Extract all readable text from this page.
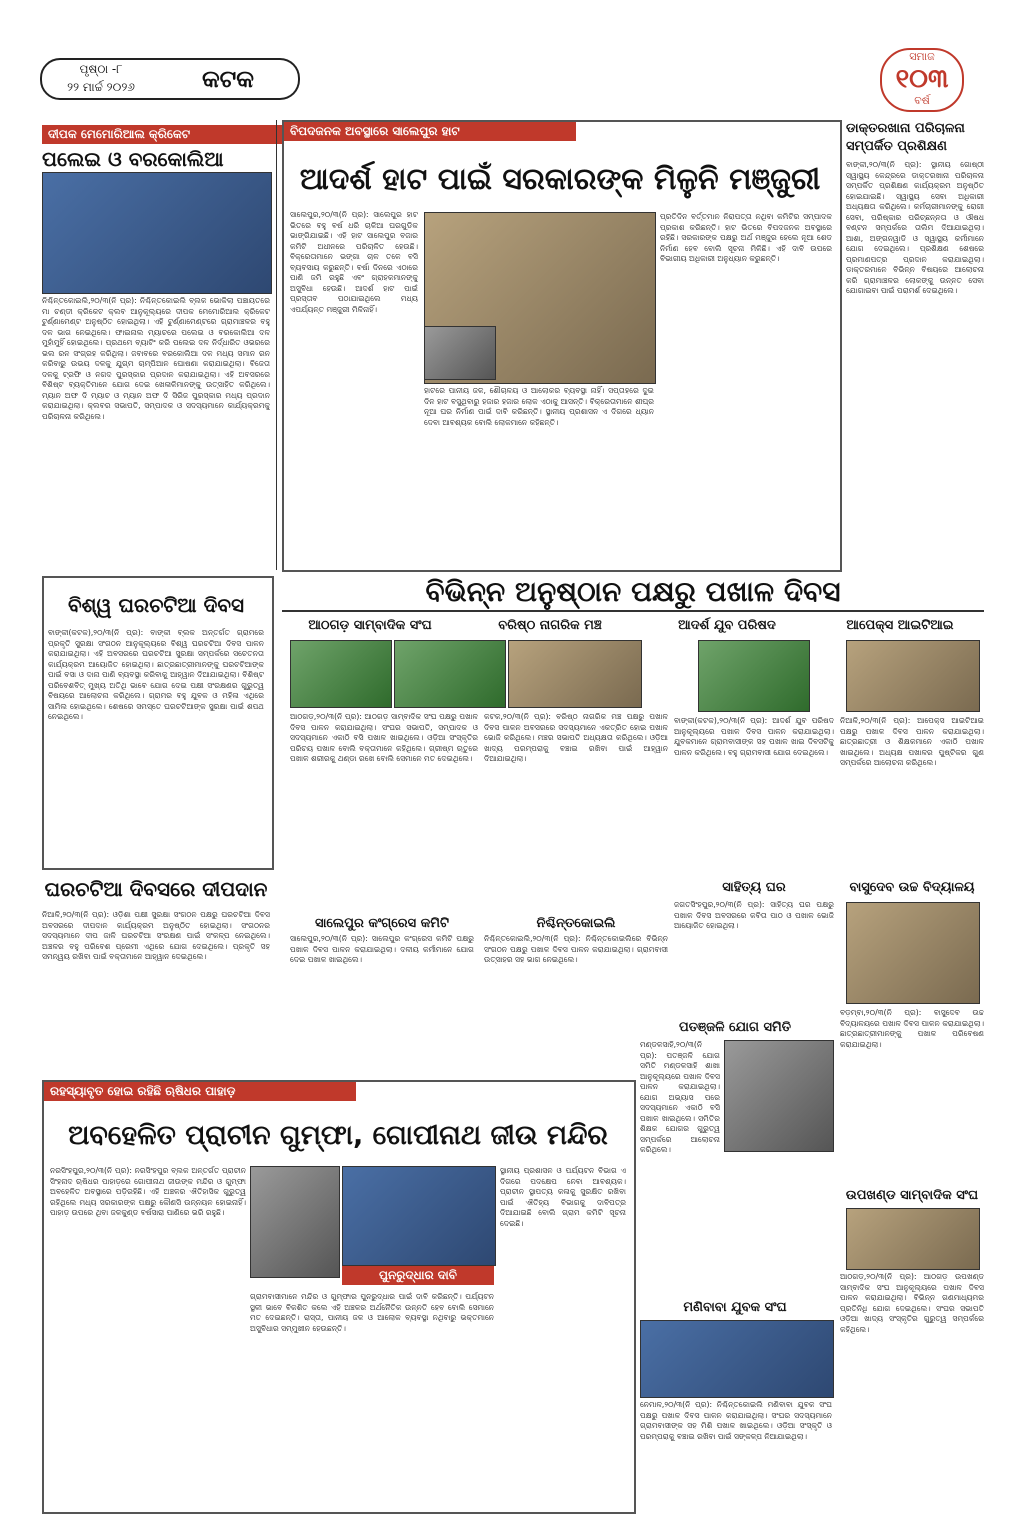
ପୃଷ୍ଠା -୮
୨୨ ମାର୍ଚ୍ଚ ୨୦୨୬	କଟକ
ସମାଜ
୧୦୩
ବର୍ଷ
ଦୀପକ ମେମୋରିଆଲ କ୍ରିକେଟ
ପଲେଇ ଓ ବରକୋଲିଆ
ନିଶ୍ଚିନ୍ତକୋଇଲି,୨୦/୩(ନି ପ୍ର): ନିଶ୍ଚିନ୍ତକୋଇଲି ବ୍ଲକ ଭୋକିଲା ପଞ୍ଚାୟତରେ ମା ଚଣ୍ଡୀ କ୍ରିକେଟ କ୍ଲବ ଆନୁକୂଲ୍ୟରେ ଦୀପକ ମେମୋରିଆଲ କ୍ରିକେଟ ଟୁର୍ଣ୍ଣାମେଣ୍ଟ ଅନୁଷ୍ଠିତ ହୋଇଥିଲା। ଏହି ଟୁର୍ଣ୍ଣାମେଣ୍ଟରେ ଗ୍ରାମାଞ୍ଚଳର ବହୁ ଦଳ ଭାଗ ନେଇଥିଲେ। ଫାଇନାଲ ମ୍ୟାଚରେ ପଲେଇ ଓ ବରକୋଲିଆ ଦଳ ମୁହାଁମୁହିଁ ହୋଇଥିଲେ। ପ୍ରଥମେ ବ୍ୟାଟିଂ କରି ପଲେଇ ଦଳ ନିର୍ଦ୍ଧାରିତ ଓଭରରେ ଭଲ ରନ ସଂଗ୍ରହ କରିଥିଲା। ଜବାବରେ ବରକୋଲିଆ ଦଳ ମଧ୍ୟ ସମାନ ରନ କରିବାରୁ ଉଭୟ ଦଳକୁ ଯୁଗ୍ମ ଚାମ୍ପିଆନ ଘୋଷଣା କରାଯାଇଥିଲା। ବିଜେତା ଦଳକୁ ଟ୍ରଫି ଓ ନଗଦ ପୁରସ୍କାର ପ୍ରଦାନ କରାଯାଇଥିଲା। ଏହି ଅବସରରେ ବିଶିଷ୍ଟ ବ୍ୟକ୍ତିମାନେ ଯୋଗ ଦେଇ ଖେଳାଳିମାନଙ୍କୁ ଉତ୍ସାହିତ କରିଥିଲେ। ମ୍ୟାନ ଅଫ ଦି ମ୍ୟାଚ ଓ ମ୍ୟାନ ଅଫ ଦି ସିରିଜ ପୁରସ୍କାର ମଧ୍ୟ ପ୍ରଦାନ କରାଯାଇଥିଲା। କ୍ଲବର ସଭାପତି, ସମ୍ପାଦକ ଓ ସଦସ୍ୟମାନେ କାର୍ଯ୍ୟକ୍ରମକୁ ପରିଚାଳନା କରିଥିଲେ।
ବିପଦଜନକ ଅବସ୍ଥାରେ ସାଲେପୁର ହାଟ
ଆଦର୍ଶ ହାଟ ପାଇଁ ସରକାରଙ୍କ ମିଳୁନି ମଞ୍ଜୁରୀ
ସାଲେପୁର,୨୦/୩(ନି ପ୍ର): ସାଲେପୁର ହାଟ ଭିତରେ ବହୁ ବର୍ଷ ଧରି ଚାଳିଆ ଘରଗୁଡିକ ଭାଙ୍ଗିଯାଇଛି। ଏହି ହାଟ ସାଲେପୁର ବଜାର କମିଟି ଅଧୀନରେ ପରିଚାଳିତ ହେଉଛି। ବିକ୍ରେତାମାନେ ଭଙ୍ଗା ଚାଳ ତଳେ ବସି ବ୍ୟବସାୟ କରୁଛନ୍ତି। ବର୍ଷା ଦିନରେ ଏଠାରେ ପାଣି ଜମି ରହୁଛି ଏବଂ ଗ୍ରାହକମାନଙ୍କୁ ଅସୁବିଧା ହେଉଛି। ଆଦର୍ଶ ହାଟ ପାଇଁ ପ୍ରସ୍ତାବ ପଠାଯାଇଥିଲେ ମଧ୍ୟ ଏପର୍ଯ୍ୟନ୍ତ ମଞ୍ଜୁରୀ ମିଳିନାହିଁ।
ହାଟରେ ପାନୀୟ ଜଳ, ଶୌଚାଳୟ ଓ ଆଲୋକର ବ୍ୟବସ୍ଥା ନାହିଁ। ସପ୍ତାହରେ ଦୁଇ ଦିନ ହାଟ ବସୁଥିବାରୁ ହଜାର ହଜାର ଲୋକ ଏଠାକୁ ଆସନ୍ତି। ବିକ୍ରେତାମାନେ ଶୀଘ୍ର ନୂଆ ଘର ନିର୍ମାଣ ପାଇଁ ଦାବି କରିଛନ୍ତି। ସ୍ଥାନୀୟ ପ୍ରଶାସନ ଏ ଦିଗରେ ଧ୍ୟାନ ଦେବା ଆବଶ୍ୟକ ବୋଲି ଲୋକମାନେ କହିଛନ୍ତି।
ପ୍ରତିଦିନ ବର୍ତ୍ତମାନ ନିରାପତ୍ତା ନଥିବା କମିଟିର ସମ୍ପାଦକ ପ୍ରକାଶ କରିଛନ୍ତି। ହାଟ ଭିତରେ ବିପଦଜନକ ଅବସ୍ଥାରେ ରହିଛି। ସରକାରଙ୍କ ପକ୍ଷରୁ ଅର୍ଥ ମଞ୍ଜୁର ହେଲେ ନୂଆ ଶେଡ ନିର୍ମାଣ ହେବ ବୋଲି ସୂଚନା ମିଳିଛି। ଏହି ଦାବି ଉପରେ ବିଭାଗୀୟ ଅଧିକାରୀ ଅନୁଧ୍ୟାନ କରୁଛନ୍ତି।
ଡାକ୍ତରଖାନା ପରିଚାଳନା ସମ୍ପର୍କିତ ପ୍ରଶିକ୍ଷଣ
ବାଙ୍କୀ,୨୦/୩(ନି ପ୍ର): ସ୍ଥାନୀୟ ଗୋଷ୍ଠୀ ସ୍ୱାସ୍ଥ୍ୟ କେନ୍ଦ୍ରରେ ଡାକ୍ତରଖାନା ପରିଚାଳନା ସମ୍ପର୍କିତ ପ୍ରଶିକ୍ଷଣ କାର୍ଯ୍ୟକ୍ରମ ଅନୁଷ୍ଠିତ ହୋଇଯାଇଛି। ସ୍ୱାସ୍ଥ୍ୟ ସେବା ଅଧିକାରୀ ଅଧ୍ୟକ୍ଷତା କରିଥିଲେ। କର୍ମଚାରୀମାନଙ୍କୁ ରୋଗୀ ସେବା, ପରିଷ୍କାର ପରିଚ୍ଛନ୍ନତା ଓ ଔଷଧ ବଣ୍ଟନ ସମ୍ପର୍କରେ ତାଲିମ ଦିଆଯାଇଥିଲା। ଆଶା, ଅଙ୍ଗନୱାଡି ଓ ସ୍ୱାସ୍ଥ୍ୟ କର୍ମୀମାନେ ଯୋଗ ଦେଇଥିଲେ। ପ୍ରଶିକ୍ଷଣ ଶେଷରେ ପ୍ରମାଣପତ୍ର ପ୍ରଦାନ କରାଯାଇଥିଲା। ଡାକ୍ତରମାନେ ବିଭିନ୍ନ ବିଷୟରେ ଆଲୋଚନା କରି ଗ୍ରାମାଞ୍ଚଳର ଲୋକଙ୍କୁ ଉନ୍ନତ ସେବା ଯୋଗାଇବା ପାଇଁ ପରାମର୍ଶ ଦେଇଥିଲେ।
ବିଶ୍ୱ ଘରଚଟିଆ ଦିବସ
ବାଙ୍କୀ(କଟକ),୨୦/୩(ନି ପ୍ର): ବାଙ୍କୀ ବ୍ଲକ ଅନ୍ତର୍ଗତ ଗ୍ରାମରେ ପ୍ରକୃତି ସୁରକ୍ଷା ସଂଗଠନ ଆନୁକୂଲ୍ୟରେ ବିଶ୍ୱ ଘରଚଟିଆ ଦିବସ ପାଳନ କରାଯାଇଥିଲା। ଏହି ଅବସରରେ ଘରଚଟିଆ ସୁରକ୍ଷା ସମ୍ପର୍କରେ ସଚେତନତା କାର୍ଯ୍ୟକ୍ରମ ଆୟୋଜିତ ହୋଇଥିଲା। ଛାତ୍ରଛାତ୍ରୀମାନଙ୍କୁ ଘରଚଟିଆଙ୍କ ପାଇଁ ବସା ଓ ଦାନା ପାଣି ବ୍ୟବସ୍ଥା କରିବାକୁ ଆହ୍ୱାନ ଦିଆଯାଇଥିଲା। ବିଶିଷ୍ଟ ପରିବେଶବିତ୍ ମୁଖ୍ୟ ଅତିଥି ଭାବେ ଯୋଗ ଦେଇ ପକ୍ଷୀ ସଂରକ୍ଷଣର ଗୁରୁତ୍ୱ ବିଷୟରେ ଆଲୋଚନା କରିଥିଲେ। ଗ୍ରାମର ବହୁ ଯୁବକ ଓ ମହିଳା ଏଥିରେ ସାମିଲ ହୋଇଥିଲେ। ଶେଷରେ ସମସ୍ତେ ଘରଚଟିଆଙ୍କ ସୁରକ୍ଷା ପାଇଁ ଶପଥ ନେଇଥିଲେ।
ବିଭିନ୍ନ ଅନୁଷ୍ଠାନ ପକ୍ଷରୁ ପଖାଳ ଦିବସ
ଆଠଗଡ଼ ସାମ୍ବାଦିକ ସଂଘ	ବରିଷ୍ଠ ନାଗରିକ ମଞ୍ଚ	ଆଦର୍ଶ ଯୁବ ପରିଷଦ	ଆପେକ୍ସ ଆଇଟିଆଇ
ଆଠଗଡ଼,୨୦/୩(ନି ପ୍ର): ଆଠଗଡ଼ ସାମ୍ବାଦିକ ସଂଘ ପକ୍ଷରୁ ପଖାଳ ଦିବସ ପାଳନ କରାଯାଇଥିଲା। ସଂଘର ସଭାପତି, ସମ୍ପାଦକ ଓ ସଦସ୍ୟମାନେ ଏକାଠି ବସି ପଖାଳ ଖାଇଥିଲେ। ଓଡ଼ିଆ ସଂସ୍କୃତିର ପରିଚୟ ପଖାଳ ବୋଲି ବକ୍ତାମାନେ କହିଥିଲେ। ଗ୍ରୀଷ୍ମ ଋତୁରେ ପଖାଳ ଶରୀରକୁ ଥଣ୍ଡା ରଖେ ବୋଲି ସେମାନେ ମତ ଦେଇଥିଲେ।
କଟକ,୨୦/୩(ନି ପ୍ର): ବରିଷ୍ଠ ନାଗରିକ ମଞ୍ଚ ପକ୍ଷରୁ ପଖାଳ ଦିବସ ପାଳନ ଅବସରରେ ସଦସ୍ୟମାନେ ଏକତ୍ରିତ ହୋଇ ପଖାଳ ଭୋଜି କରିଥିଲେ। ମଞ୍ଚର ସଭାପତି ଅଧ୍ୟକ୍ଷତା କରିଥିଲେ। ଓଡ଼ିଆ ଖାଦ୍ୟ ପରମ୍ପରାକୁ ବଞ୍ଚାଇ ରଖିବା ପାଇଁ ଆହ୍ୱାନ ଦିଆଯାଇଥିଲା।
ବାଙ୍କୀ(କଟକ),୨୦/୩(ନି ପ୍ର): ଆଦର୍ଶ ଯୁବ ପରିଷଦ ଆନୁକୂଲ୍ୟରେ ପଖାଳ ଦିବସ ପାଳନ କରାଯାଇଥିଲା। ଯୁବକମାନେ ଗ୍ରାମବାସୀଙ୍କ ସହ ପଖାଳ ଖାଇ ଦିବସଟିକୁ ପାଳନ କରିଥିଲେ। ବହୁ ଗ୍ରାମବାସୀ ଯୋଗ ଦେଇଥିଲେ।
ନିଆଳି,୨୦/୩(ନି ପ୍ର): ଆପେକ୍ସ ଆଇଟିଆଇ ପକ୍ଷରୁ ପଖାଳ ଦିବସ ପାଳନ କରାଯାଇଥିଲା। ଛାତ୍ରଛାତ୍ରୀ ଓ ଶିକ୍ଷକମାନେ ଏକାଠି ପଖାଳ ଖାଇଥିଲେ। ଅଧ୍ୟକ୍ଷ ପଖାଳର ପୁଷ୍ଟିକର ଗୁଣ ସମ୍ପର୍କରେ ଆଲୋଚନା କରିଥିଲେ।
ସାଲେପୁର କଂଗ୍ରେସ କମିଟି	ନିଶ୍ଚିନ୍ତକୋଇଲି
ସାଲେପୁର,୨୦/୩(ନି ପ୍ର): ସାଲେପୁର କଂଗ୍ରେସ କମିଟି ପକ୍ଷରୁ ପଖାଳ ଦିବସ ପାଳନ କରାଯାଇଥିଲା। ଦଳୀୟ କର୍ମୀମାନେ ଯୋଗ ଦେଇ ପଖାଳ ଖାଇଥିଲେ।
ନିଶ୍ଚିନ୍ତକୋଇଲି,୨୦/୩(ନି ପ୍ର): ନିଶ୍ଚିନ୍ତକୋଇଲିରେ ବିଭିନ୍ନ ସଂଗଠନ ପକ୍ଷରୁ ପଖାଳ ଦିବସ ପାଳନ କରାଯାଇଥିଲା। ଗ୍ରାମବାସୀ ଉତ୍ସାହର ସହ ଭାଗ ନେଇଥିଲେ।
ସାହିତ୍ୟ ଘର
ଜଗତସିଂହପୁର,୨୦/୩(ନି ପ୍ର): ସାହିତ୍ୟ ଘର ପକ୍ଷରୁ ପଖାଳ ଦିବସ ଅବସରରେ କବିତା ପାଠ ଓ ପଖାଳ ଭୋଜି ଆୟୋଜିତ ହୋଇଥିଲା।
ବାସୁଦେବ ଉଚ୍ଚ ବିଦ୍ୟାଳୟ
ବଡ଼ମ୍ବା,୨୦/୩(ନି ପ୍ର): ବାସୁଦେବ ଉଚ୍ଚ ବିଦ୍ୟାଳୟରେ ପଖାଳ ଦିବସ ପାଳନ କରାଯାଇଥିଲା। ଛାତ୍ରଛାତ୍ରୀମାନଙ୍କୁ ପଖାଳ ପରିବେଷଣ କରାଯାଇଥିଲା।
ଘରଚଟିଆ ଦିବସରେ ଦୀପଦାନ
ନିଆଳି,୨୦/୩(ନି ପ୍ର): ଓଡ଼ିଶା ପକ୍ଷୀ ସୁରକ୍ଷା ସଂଗଠନ ପକ୍ଷରୁ ଘରଚଟିଆ ଦିବସ ଅବସରରେ ଦୀପଦାନ କାର୍ଯ୍ୟକ୍ରମ ଅନୁଷ୍ଠିତ ହୋଇଥିଲା। ସଂଗଠନର ସଦସ୍ୟମାନେ ଦୀପ ଜାଳି ଘରଚଟିଆ ସଂରକ୍ଷଣ ପାଇଁ ସଂକଳ୍ପ ନେଇଥିଲେ। ଅଞ୍ଚଳର ବହୁ ପରିବେଶ ପ୍ରେମୀ ଏଥିରେ ଯୋଗ ଦେଇଥିଲେ। ପ୍ରକୃତି ସହ ସମନ୍ୱୟ ରଖିବା ପାଇଁ ବକ୍ତାମାନେ ଆହ୍ୱାନ ଦେଇଥିଲେ।
ପତଞ୍ଜଳି ଯୋଗ ସମିତି
ମଣ୍ଡଳସାହି,୨୦/୩(ନି ପ୍ର): ପତଞ୍ଜଳି ଯୋଗ ସମିତି ମଣ୍ଡଳସାହି ଶାଖା ଆନୁକୂଲ୍ୟରେ ପଖାଳ ଦିବସ ପାଳନ କରାଯାଇଥିଲା। ଯୋଗ ଅଭ୍ୟାସ ପରେ ସଦସ୍ୟମାନେ ଏକାଠି ବସି ପଖାଳ ଖାଇଥିଲେ। ସମିତିର ଶିକ୍ଷକ ଯୋଗର ଗୁରୁତ୍ୱ ସମ୍ପର୍କରେ ଆଲୋଚନା କରିଥିଲେ।
ମଣିବାବା ଯୁବକ ସଂଘ
ନେମାଳ,୨୦/୩(ନି ପ୍ର): ନିଶ୍ଚିନ୍ତକୋଇଲି ମଣିବାବା ଯୁବକ ସଂଘ ପକ୍ଷରୁ ପଖାଳ ଦିବସ ପାଳନ କରାଯାଇଥିଲା। ସଂଘର ସଦସ୍ୟମାନେ ଗ୍ରାମବାସୀଙ୍କ ସହ ମିଶି ପଖାଳ ଖାଇଥିଲେ। ଓଡ଼ିଆ ସଂସ୍କୃତି ଓ ପରମ୍ପରାକୁ ବଞ୍ଚାଇ ରଖିବା ପାଇଁ ସଙ୍କଳ୍ପ ନିଆଯାଇଥିଲା।
ଉପଖଣ୍ଡ ସାମ୍ବାଦିକ ସଂଘ
ଆଠଗଡ଼,୨୦/୩(ନି ପ୍ର): ଆଠଗଡ଼ ଉପଖଣ୍ଡ ସାମ୍ବାଦିକ ସଂଘ ଆନୁକୂଲ୍ୟରେ ପଖାଳ ଦିବସ ପାଳନ କରାଯାଇଥିଲା। ବିଭିନ୍ନ ଗଣମାଧ୍ୟମର ପ୍ରତିନିଧି ଯୋଗ ଦେଇଥିଲେ। ସଂଘର ସଭାପତି ଓଡ଼ିଆ ଖାଦ୍ୟ ସଂସ୍କୃତିର ଗୁରୁତ୍ୱ ସମ୍ପର୍କରେ କହିଥିଲେ।
ରହସ୍ୟାବୃତ ହୋଇ ରହିଛି ଋଷିଧର ପାହାଡ଼
ଅବହେଳିତ ପ୍ରାଚୀନ ଗୁମ୍ଫା, ଗୋପୀନାଥ ଜୀଉ ମନ୍ଦିର
ନରସିଂହପୁର,୨୦/୩(ନି ପ୍ର): ନରସିଂହପୁର ବ୍ଲକ ଅନ୍ତର୍ଗତ ପ୍ରାଚୀନ ସିଂହନାଦ ଋଷିଧର ପାହାଡ଼ରେ ଗୋପୀନାଥ ଜୀଉଙ୍କ ମନ୍ଦିର ଓ ଗୁମ୍ଫା ଅବହେଳିତ ଅବସ୍ଥାରେ ପଡ଼ିରହିଛି। ଏହି ଅଞ୍ଚଳର ଐତିହାସିକ ଗୁରୁତ୍ୱ ରହିଥିଲେ ମଧ୍ୟ ସରକାରଙ୍କ ପକ୍ଷରୁ କୌଣସି ଉନ୍ନୟନ ହୋଇନାହିଁ। ପାହାଡ଼ ଉପରେ ଥିବା ଜଳକୁଣ୍ଡ ବର୍ଷସାରା ପାଣିରେ ଭରି ରହୁଛି।
ପୁନରୁଦ୍ଧାର ଦାବି
ଗ୍ରାମବାସୀମାନେ ମନ୍ଦିର ଓ ଗୁମ୍ଫାର ପୁନରୁଦ୍ଧାର ପାଇଁ ଦାବି କରିଛନ୍ତି। ପର୍ଯ୍ୟଟନ ସ୍ଥଳୀ ଭାବେ ବିକଶିତ କଲେ ଏହି ଅଞ୍ଚଳର ଅର୍ଥନୈତିକ ଉନ୍ନତି ହେବ ବୋଲି ସେମାନେ ମତ ଦେଇଛନ୍ତି। ରାସ୍ତା, ପାନୀୟ ଜଳ ଓ ଆଲୋକ ବ୍ୟବସ୍ଥା ନଥିବାରୁ ଭକ୍ତମାନେ ଅସୁବିଧାର ସମ୍ମୁଖୀନ ହେଉଛନ୍ତି।
ସ୍ଥାନୀୟ ପ୍ରଶାସନ ଓ ପର୍ଯ୍ୟଟନ ବିଭାଗ ଏ ଦିଗରେ ପଦକ୍ଷେପ ନେବା ଆବଶ୍ୟକ। ପ୍ରାଚୀନ ସ୍ଥାପତ୍ୟ କଳାକୁ ସୁରକ୍ଷିତ ରଖିବା ପାଇଁ ଐତିହ୍ୟ ବିଭାଗକୁ ଦାବିପତ୍ର ଦିଆଯାଇଛି ବୋଲି ଗ୍ରାମ କମିଟି ସୂଚନା ଦେଇଛି।
